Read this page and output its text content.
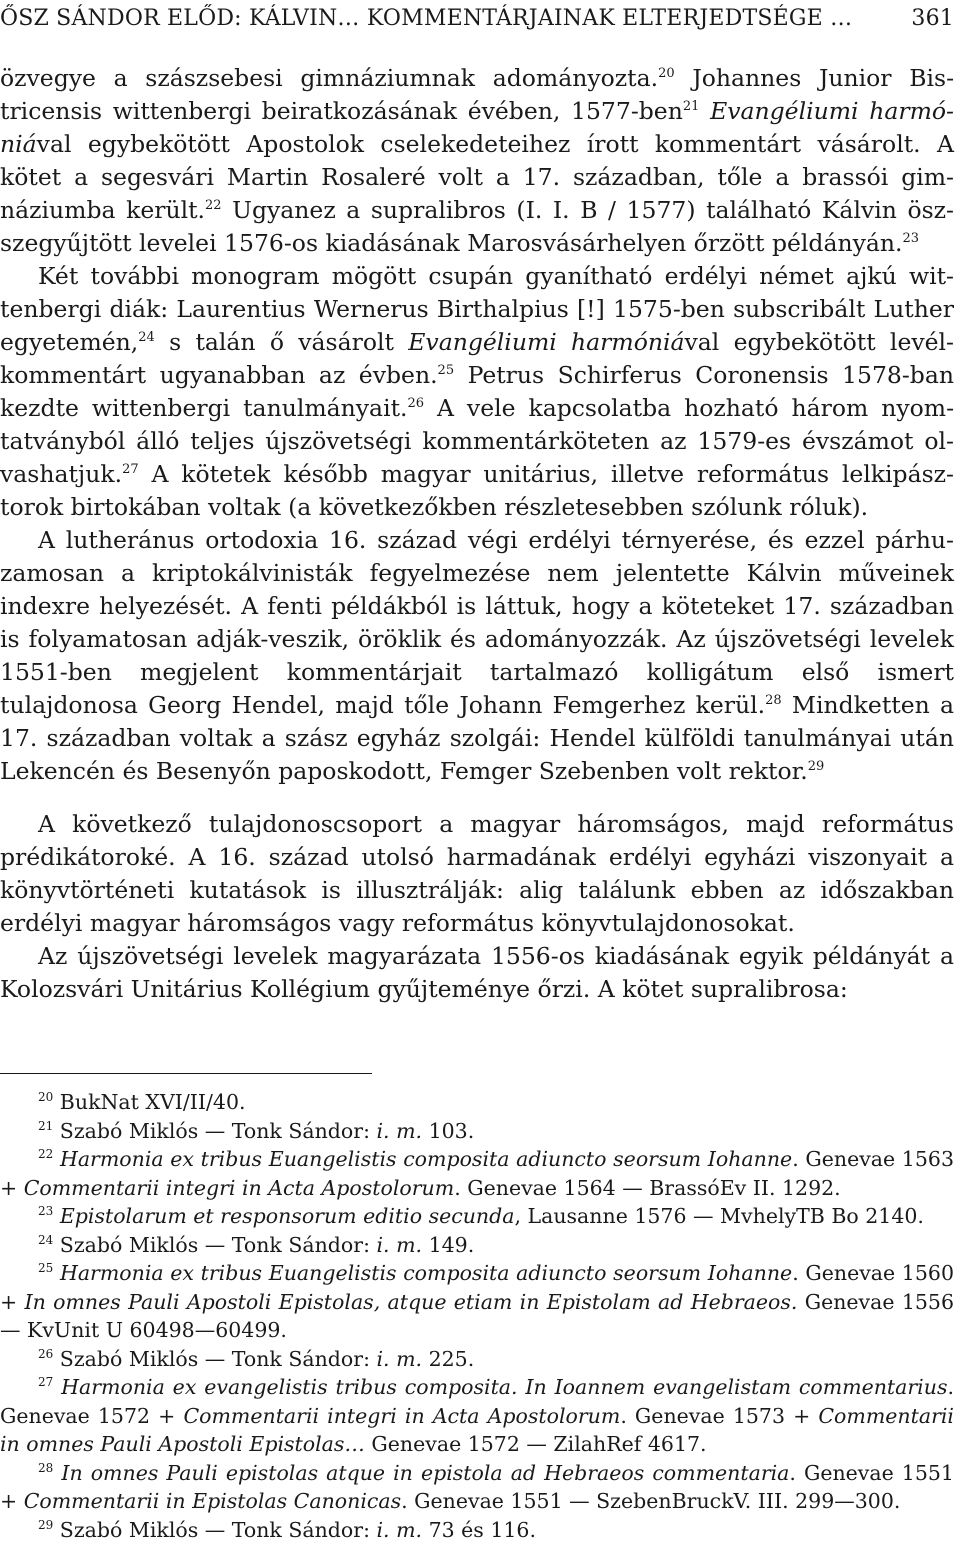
ŐSZ SÁNDOR ELŐD: KÁLVIN… KOMMENTÁRJAINAK ELTERJEDTSÉGE …	361

özvegye a szászsebesi gimnáziumnak adományozta.$^{20}$ Johannes Junior Bistricensis wittenbergi beiratkozásának évében, 1577-ben$^{21}$ Evangéliumi harmóniával egybekötött Apostolok cselekedeteihez írott kommentárt vásárolt. A kötet a segesvári Martin Rosaleré volt a 17. században, tőle a brassói gimnáziumba került.$^{22}$ Ugyanez a supralibros (I. I. B / 1577) található Kálvin öszszegyűjtött levelei 1576-os kiadásának Marosvásárhelyen őrzött példányán.$^{23}$

Két további monogram mögött csupán gyanítható erdélyi német ajkú wittenbergi diák: Laurentius Wernerus Birthalpius [!] 1575-ben subscribált Luther egyetemén,$^{24}$ s talán ő vásárolt Evangéliumi harmóniával egybekötött levélkommentárt ugyanabban az évben.$^{25}$ Petrus Schirferus Coronensis 1578-ban kezdte wittenbergi tanulmányait.$^{26}$ A vele kapcsolatba hozható három nyomtatványból álló teljes újszövetségi kommentárköteten az 1579-es évszámot olvashatjuk.$^{27}$ A kötetek később magyar unitárius, illetve református lelkipásztorok birtokában voltak (a következőkben részletesebben szólunk róluk).

A lutheránus ortodoxia 16. század végi erdélyi térnyerése, és ezzel párhuzamosan a kriptokálvinisták fegyelmezése nem jelentette Kálvin műveinek indexre helyezését. A fenti példákból is láttuk, hogy a köteteket 17. században is folyamatosan adják-veszik, öröklik és adományozzák. Az újszövetségi levelek 1551-ben megjelent kommentárjait tartalmazó kolligátum első ismert tulajdonosa Georg Hendel, majd tőle Johann Femgerhez kerül.$^{28}$ Mindketten a 17. században voltak a szász egyház szolgái: Hendel külföldi tanulmányai után Lekencén és Besenyőn paposkodott, Femger Szebenben volt rektor.$^{29}$

A következő tulajdonoscsoport a magyar háromságos, majd református prédikátoroké. A 16. század utolsó harmadának erdélyi egyházi viszonyait a könyvtörténeti kutatások is illusztrálják: alig találunk ebben az időszakban erdélyi magyar háromságos vagy református könyvtulajdonosokat.

Az újszövetségi levelek magyarázata 1556-os kiadásának egyik példányát a Kolozsvári Unitárius Kollégium gyűjteménye őrzi. A kötet supralibrosa:

$^{20}$ BukNat XVI/II/40.

$^{21}$ Szabó Miklós — Tonk Sándor: i. m. 103.

$^{22}$ Harmonia ex tribus Euangelistis composita adiuncto seorsum Iohanne. Genevae 1563 + Commentarii integri in Acta Apostolorum. Genevae 1564 — BrassóEv II. 1292.

$^{23}$ Epistolarum et responsorum editio secunda, Lausanne 1576 — MvhelyTB Bo 2140.

$^{24}$ Szabó Miklós — Tonk Sándor: i. m. 149.

$^{25}$ Harmonia ex tribus Euangelistis composita adiuncto seorsum Iohanne. Genevae 1560 + In omnes Pauli Apostoli Epistolas, atque etiam in Epistolam ad Hebraeos. Genevae 1556 — KvUnit U 60498—60499.

$^{26}$ Szabó Miklós — Tonk Sándor: i. m. 225.

$^{27}$ Harmonia ex evangelistis tribus composita. In Ioannem evangelistam commentarius. Genevae 1572 + Commentarii integri in Acta Apostolorum. Genevae 1573 + Commentarii in omnes Pauli Apostoli Epistolas… Genevae 1572 — ZilahRef 4617.

$^{28}$ In omnes Pauli epistolas atque in epistola ad Hebraeos commentaria. Genevae 1551 + Commentarii in Epistolas Canonicas. Genevae 1551 — SzebenBruckV. III. 299—300.

$^{29}$ Szabó Miklós — Tonk Sándor: i. m. 73 és 116.
